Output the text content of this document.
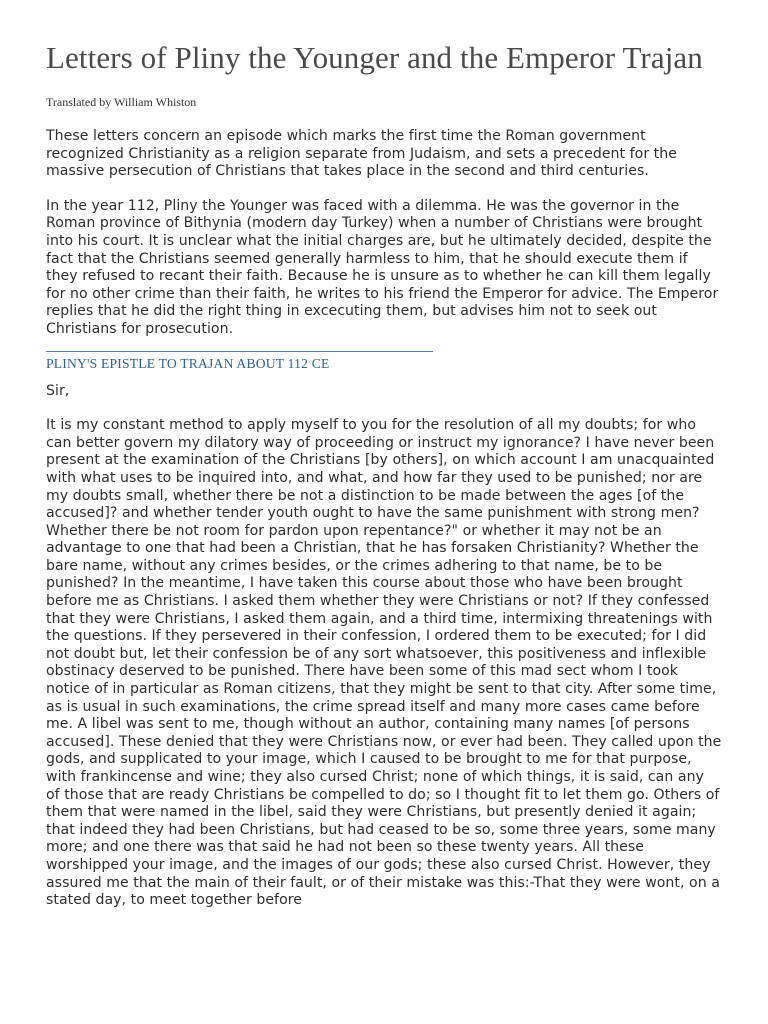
Letters of Pliny the Younger and the Emperor Trajan

Translated by William Whiston

These letters concern an episode which marks the first time the Roman government recognized Christianity as a religion separate from Judaism, and sets a precedent for the massive persecution of Christians that takes place in the second and third centuries.

In the year 112, Pliny the Younger was faced with a dilemma. He was the governor in the Roman province of Bithynia (modern day Turkey) when a number of Christians were brought into his court. It is unclear what the initial charges are, but he ultimately decided, despite the fact that the Christians seemed generally harmless to him, that he should execute them if they refused to recant their faith. Because he is unsure as to whether he can kill them legally for no other crime than their faith, he writes to his friend the Emperor for advice. The Emperor replies that he did the right thing in excecuting them, but advises him not to seek out Christians for prosecution.

PLINY'S EPISTLE TO TRAJAN ABOUT 112 CE

Sir,

It is my constant method to apply myself to you for the resolution of all my doubts; for who can better govern my dilatory way of proceeding or instruct my ignorance? I have never been present at the examination of the Christians [by others], on which account I am unacquainted with what uses to be inquired into, and what, and how far they used to be punished; nor are my doubts small, whether there be not a distinction to be made between the ages [of the accused]? and whether tender youth ought to have the same punishment with strong men? Whether there be not room for pardon upon repentance?" or whether it may not be an advantage to one that had been a Christian, that he has forsaken Christianity? Whether the bare name, without any crimes besides, or the crimes adhering to that name, be to be punished? In the meantime, I have taken this course about those who have been brought before me as Christians. I asked them whether they were Christians or not? If they confessed that they were Christians, I asked them again, and a third time, intermixing threatenings with the questions. If they persevered in their confession, I ordered them to be executed; for I did not doubt but, let their confession be of any sort whatsoever, this positiveness and inflexible obstinacy deserved to be punished. There have been some of this mad sect whom I took notice of in particular as Roman citizens, that they might be sent to that city. After some time, as is usual in such examinations, the crime spread itself and many more cases came before me. A libel was sent to me, though without an author, containing many names [of persons accused]. These denied that they were Christians now, or ever had been. They called upon the gods, and supplicated to your image, which I caused to be brought to me for that purpose, with frankincense and wine; they also cursed Christ; none of which things, it is said, can any of those that are ready Christians be compelled to do; so I thought fit to let them go. Others of them that were named in the libel, said they were Christians, but presently denied it again; that indeed they had been Christians, but had ceased to be so, some three years, some many more; and one there was that said he had not been so these twenty years. All these worshipped your image, and the images of our gods; these also cursed Christ. However, they assured me that the main of their fault, or of their mistake was this:-That they were wont, on a stated day, to meet together before
